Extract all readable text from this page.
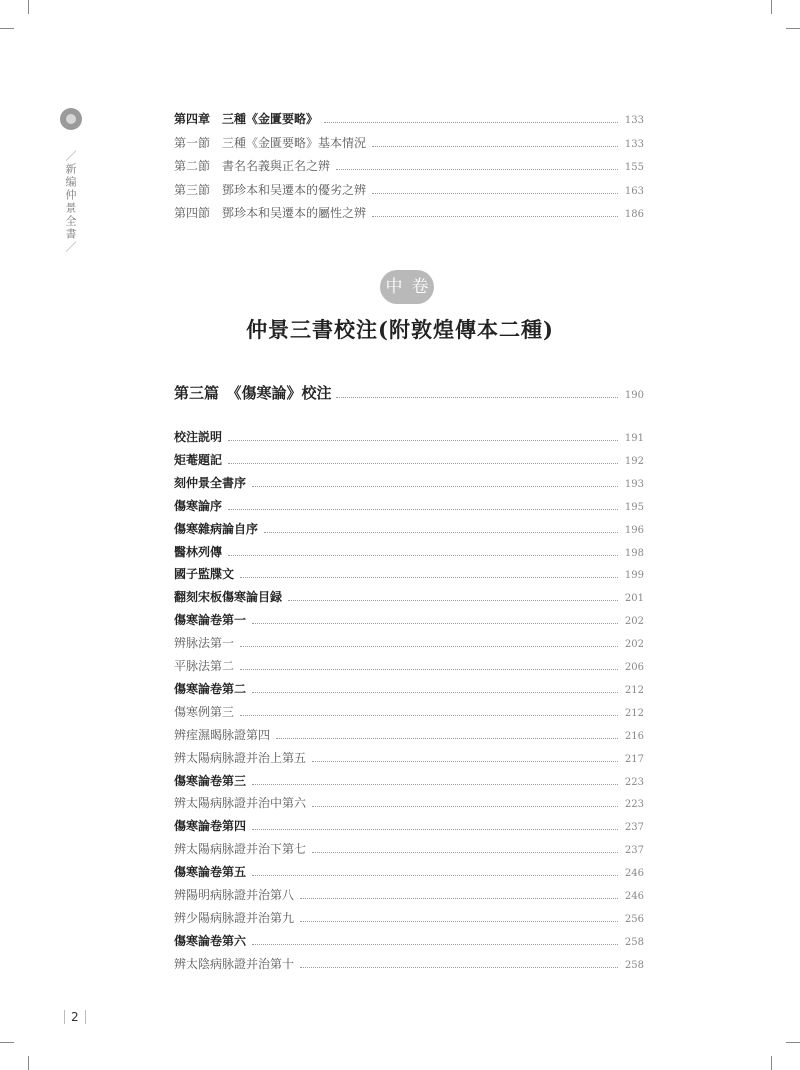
／新编仲景全書／
第四章　三種《金匱要略》	133
第一節　三種《金匱要略》基本情況	133
第二節　書名名義與正名之辨	155
第三節　鄧珍本和吴遷本的優劣之辨	163
第四節　鄧珍本和吴遷本的屬性之辨	186
中 卷
仲景三書校注(附敦煌傳本二種)
第三篇　《傷寒論》校注	190
校注説明	191
矩菴題記	192
刻仲景全書序	193
傷寒論序	195
傷寒雜病論自序	196
醫林列傳	198
國子監牒文	199
翻刻宋板傷寒論目録	201
傷寒論卷第一	202
辨脉法第一	202
平脉法第二	206
傷寒論卷第二	212
傷寒例第三	212
辨痓濕暍脉證第四	216
辨太陽病脉證并治上第五	217
傷寒論卷第三	223
辨太陽病脉證并治中第六	223
傷寒論卷第四	237
辨太陽病脉證并治下第七	237
傷寒論卷第五	246
辨陽明病脉證并治第八	246
辨少陽病脉證并治第九	256
傷寒論卷第六	258
辨太陰病脉證并治第十	258
2
